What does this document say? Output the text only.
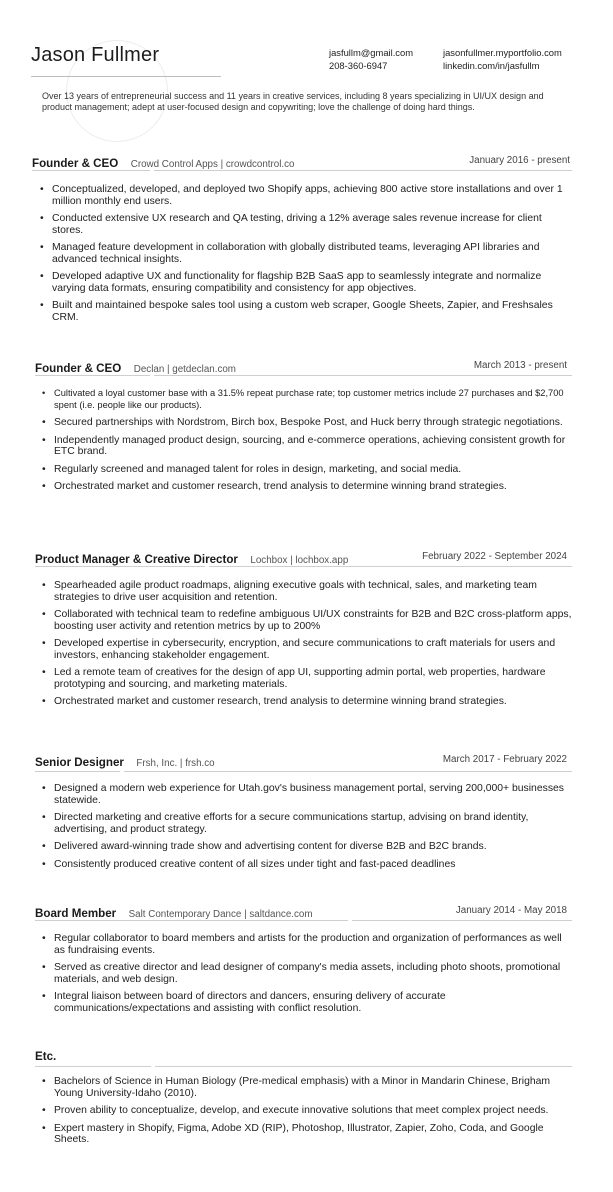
Jason Fullmer	jasfullm@gmail.com
208-360-6947
jasonfullmer.myportfolio.com
linkedin.com/in/jasfullm
Over 13 years of entrepreneurial success and 11 years in creative services, including 8 years specializing in UI/UX design and product management; adept at user-focused design and copywriting; love the challenge of doing hard things.
Founder & CEO Crowd Control Apps | crowdcontrol.co	January 2016 - present
• Conceptualized, developed, and deployed two Shopify apps, achieving 800 active store installations and over 1 million monthly end users.
• Conducted extensive UX research and QA testing, driving a 12% average sales revenue increase for client stores.
• Managed feature development in collaboration with globally distributed teams, leveraging API libraries and advanced technical insights.
• Developed adaptive UX and functionality for flagship B2B SaaS app to seamlessly integrate and normalize varying data formats, ensuring compatibility and consistency for app objectives.
• Built and maintained bespoke sales tool using a custom web scraper, Google Sheets, Zapier, and Freshsales CRM.
Founder & CEO Declan | getdeclan.com	March 2013 - present
• Cultivated a loyal customer base with a 31.5% repeat purchase rate; top customer metrics include 27 purchases and $2,700 spent (i.e. people like our products).
• Secured partnerships with Nordstrom, Birch box, Bespoke Post, and Huck berry through strategic negotiations.
• Independently managed product design, sourcing, and e-commerce operations, achieving consistent growth for ETC brand.
• Regularly screened and managed talent for roles in design, marketing, and social media.
• Orchestrated market and customer research, trend analysis to determine winning brand strategies.
Product Manager & Creative Director Lochbox | lochbox.app	February 2022 - September 2024
• Spearheaded agile product roadmaps, aligning executive goals with technical, sales, and marketing team strategies to drive user acquisition and retention.
• Collaborated with technical team to redefine ambiguous UI/UX constraints for B2B and B2C cross-platform apps, boosting user activity and retention metrics by up to 200%
• Developed expertise in cybersecurity, encryption, and secure communications to craft materials for users and investors, enhancing stakeholder engagement.
• Led a remote team of creatives for the design of app UI, supporting admin portal, web properties, hardware prototyping and sourcing, and marketing materials.
• Orchestrated market and customer research, trend analysis to determine winning brand strategies.
Senior Designer Frsh, Inc. | frsh.co	March 2017 - February 2022
• Designed a modern web experience for Utah.gov's business management portal, serving 200,000+ businesses statewide.
• Directed marketing and creative efforts for a secure communications startup, advising on brand identity, advertising, and product strategy.
• Delivered award-winning trade show and advertising content for diverse B2B and B2C brands.
• Consistently produced creative content of all sizes under tight and fast-paced deadlines
Board Member Salt Contemporary Dance | saltdance.com	January 2014 - May 2018
• Regular collaborator to board members and artists for the production and organization of performances as well as fundraising events.
• Served as creative director and lead designer of company's media assets, including photo shoots, promotional materials, and web design.
• Integral liaison between board of directors and dancers, ensuring delivery of accurate communications/expectations and assisting with conflict resolution.
Etc.
• Bachelors of Science in Human Biology (Pre-medical emphasis) with a Minor in Mandarin Chinese, Brigham Young University-Idaho (2010).
• Proven ability to conceptualize, develop, and execute innovative solutions that meet complex project needs.
• Expert mastery in Shopify, Figma, Adobe XD (RIP), Photoshop, Illustrator, Zapier, Zoho, Coda, and Google Sheets.
